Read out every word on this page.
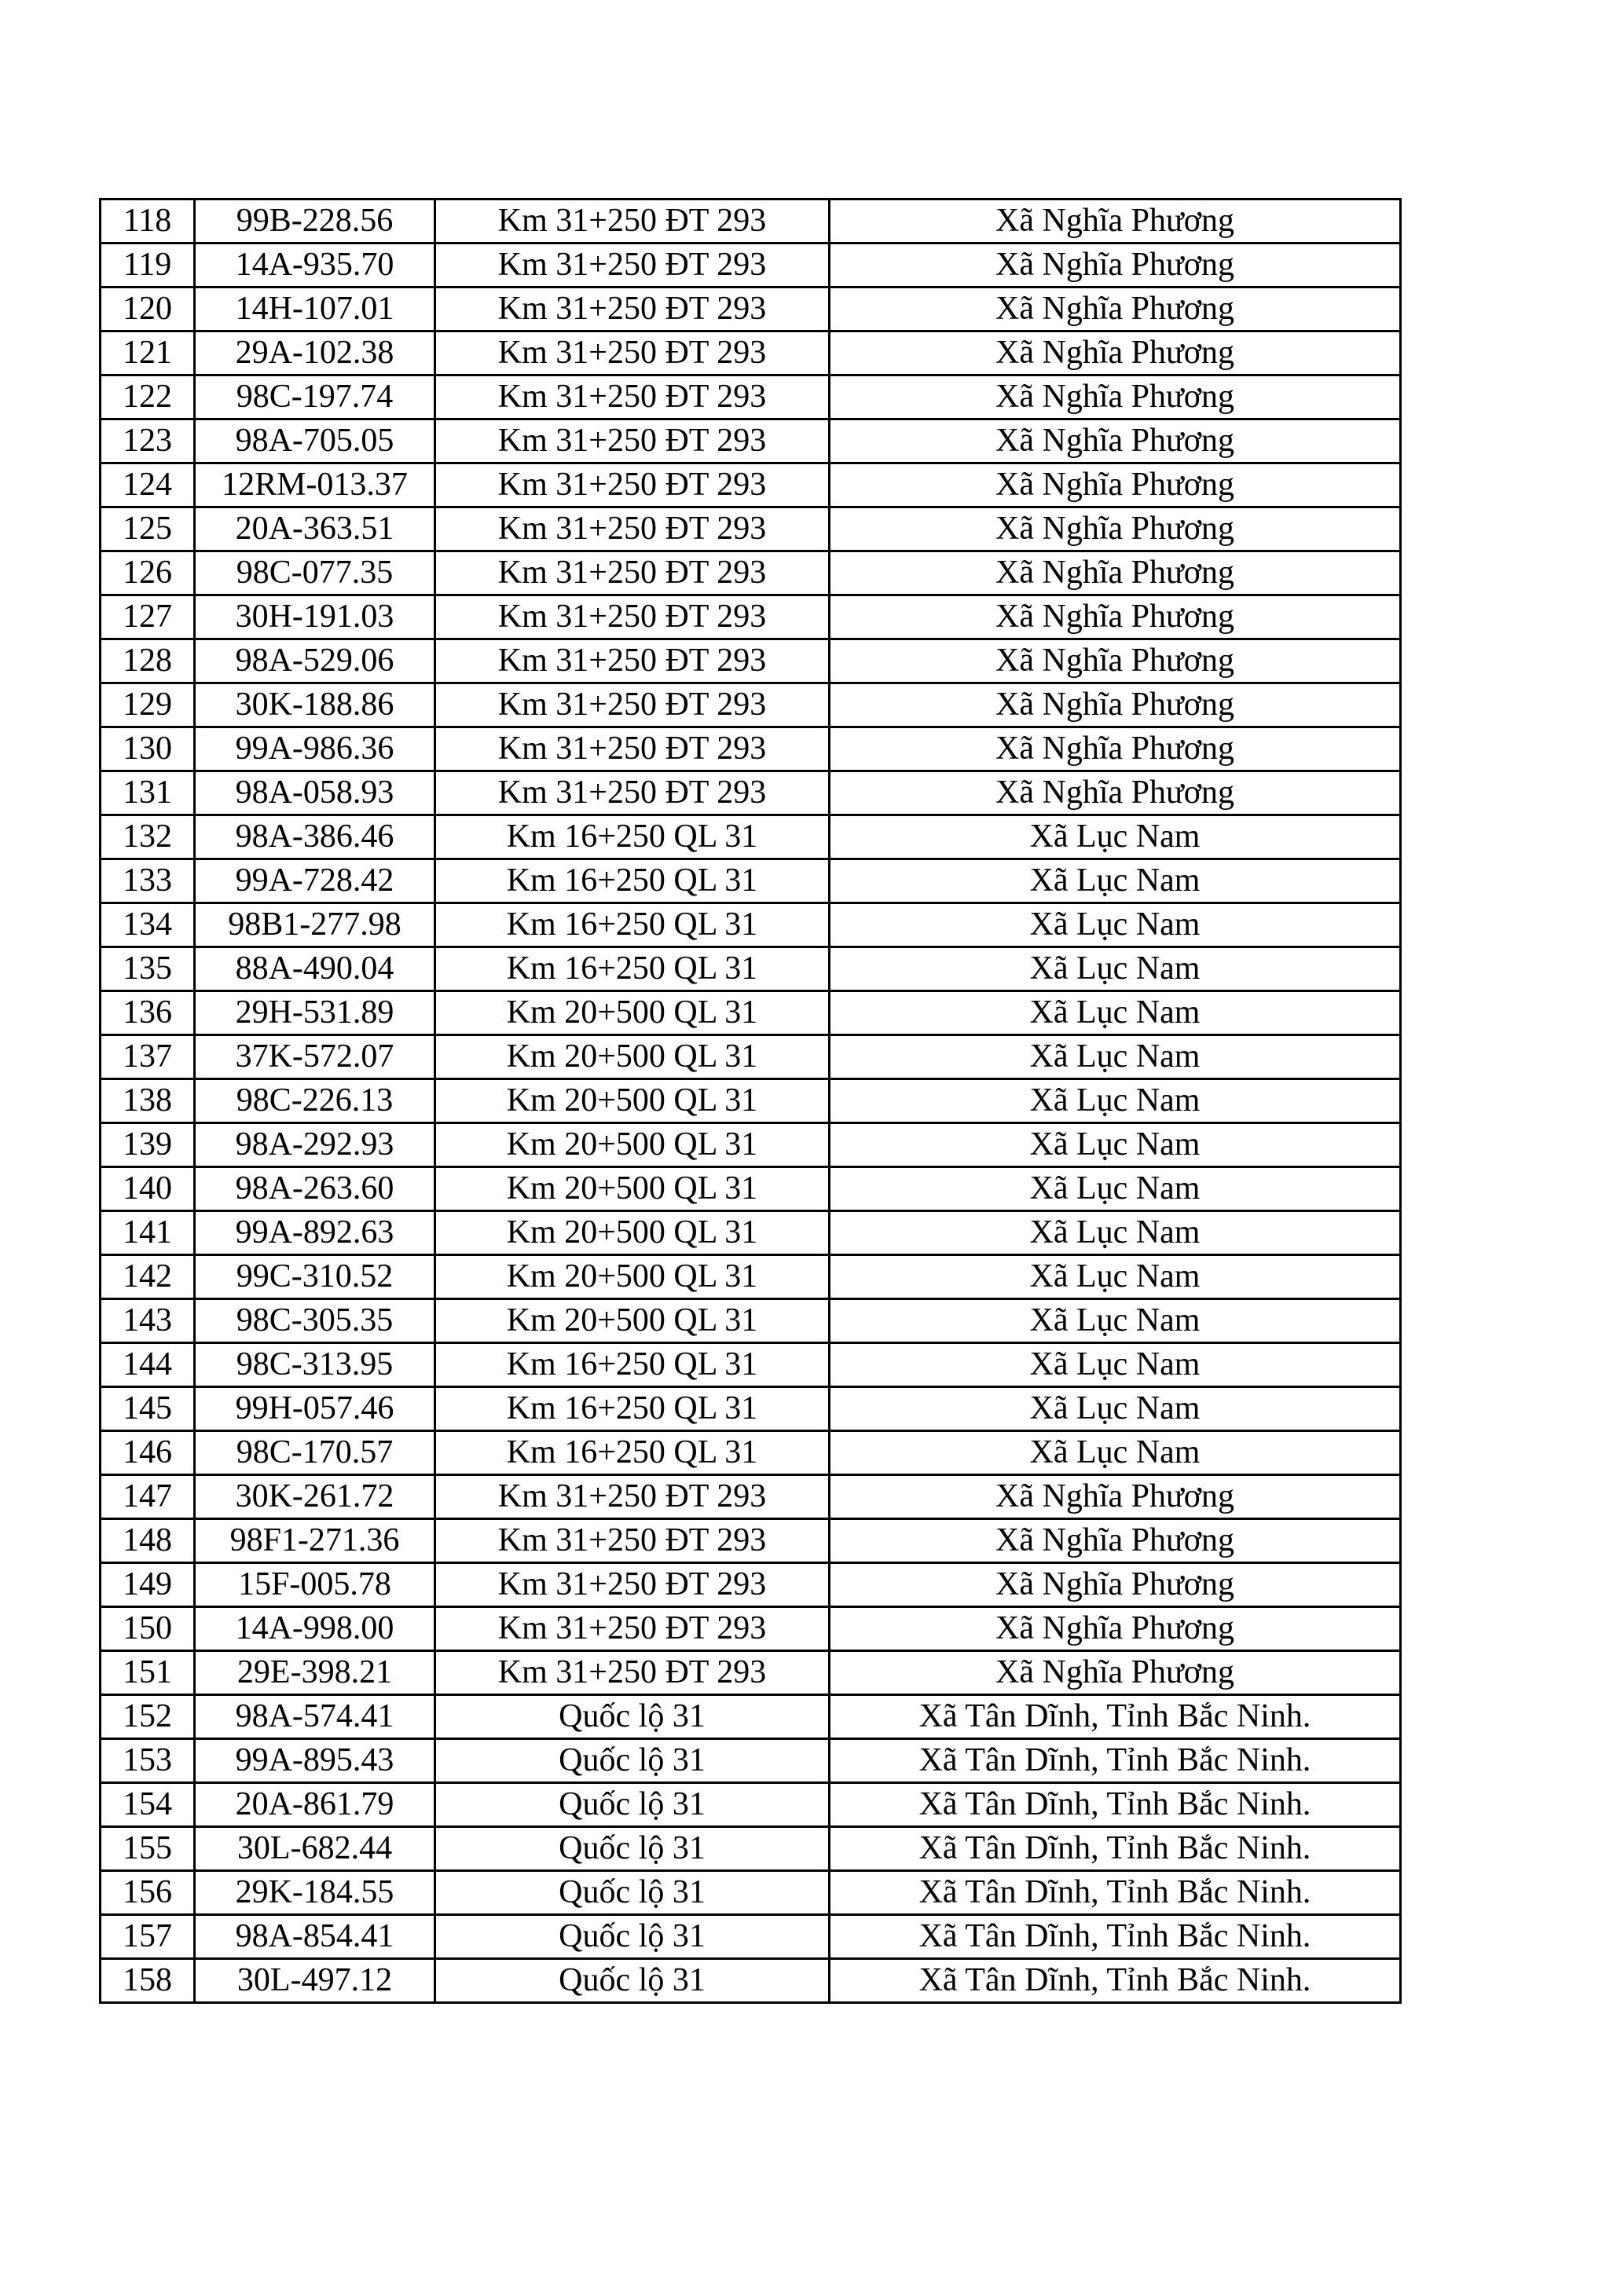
118	99B-228.56	Km 31+250 ĐT 293	Xã Nghĩa Phương
119	14A-935.70	Km 31+250 ĐT 293	Xã Nghĩa Phương
120	14H-107.01	Km 31+250 ĐT 293	Xã Nghĩa Phương
121	29A-102.38	Km 31+250 ĐT 293	Xã Nghĩa Phương
122	98C-197.74	Km 31+250 ĐT 293	Xã Nghĩa Phương
123	98A-705.05	Km 31+250 ĐT 293	Xã Nghĩa Phương
124	12RM-013.37	Km 31+250 ĐT 293	Xã Nghĩa Phương
125	20A-363.51	Km 31+250 ĐT 293	Xã Nghĩa Phương
126	98C-077.35	Km 31+250 ĐT 293	Xã Nghĩa Phương
127	30H-191.03	Km 31+250 ĐT 293	Xã Nghĩa Phương
128	98A-529.06	Km 31+250 ĐT 293	Xã Nghĩa Phương
129	30K-188.86	Km 31+250 ĐT 293	Xã Nghĩa Phương
130	99A-986.36	Km 31+250 ĐT 293	Xã Nghĩa Phương
131	98A-058.93	Km 31+250 ĐT 293	Xã Nghĩa Phương
132	98A-386.46	Km 16+250 QL 31	Xã Lục Nam
133	99A-728.42	Km 16+250 QL 31	Xã Lục Nam
134	98B1-277.98	Km 16+250 QL 31	Xã Lục Nam
135	88A-490.04	Km 16+250 QL 31	Xã Lục Nam
136	29H-531.89	Km 20+500 QL 31	Xã Lục Nam
137	37K-572.07	Km 20+500 QL 31	Xã Lục Nam
138	98C-226.13	Km 20+500 QL 31	Xã Lục Nam
139	98A-292.93	Km 20+500 QL 31	Xã Lục Nam
140	98A-263.60	Km 20+500 QL 31	Xã Lục Nam
141	99A-892.63	Km 20+500 QL 31	Xã Lục Nam
142	99C-310.52	Km 20+500 QL 31	Xã Lục Nam
143	98C-305.35	Km 20+500 QL 31	Xã Lục Nam
144	98C-313.95	Km 16+250 QL 31	Xã Lục Nam
145	99H-057.46	Km 16+250 QL 31	Xã Lục Nam
146	98C-170.57	Km 16+250 QL 31	Xã Lục Nam
147	30K-261.72	Km 31+250 ĐT 293	Xã Nghĩa Phương
148	98F1-271.36	Km 31+250 ĐT 293	Xã Nghĩa Phương
149	15F-005.78	Km 31+250 ĐT 293	Xã Nghĩa Phương
150	14A-998.00	Km 31+250 ĐT 293	Xã Nghĩa Phương
151	29E-398.21	Km 31+250 ĐT 293	Xã Nghĩa Phương
152	98A-574.41	Quốc lộ 31	Xã Tân Dĩnh, Tỉnh Bắc Ninh.
153	99A-895.43	Quốc lộ 31	Xã Tân Dĩnh, Tỉnh Bắc Ninh.
154	20A-861.79	Quốc lộ 31	Xã Tân Dĩnh, Tỉnh Bắc Ninh.
155	30L-682.44	Quốc lộ 31	Xã Tân Dĩnh, Tỉnh Bắc Ninh.
156	29K-184.55	Quốc lộ 31	Xã Tân Dĩnh, Tỉnh Bắc Ninh.
157	98A-854.41	Quốc lộ 31	Xã Tân Dĩnh, Tỉnh Bắc Ninh.
158	30L-497.12	Quốc lộ 31	Xã Tân Dĩnh, Tỉnh Bắc Ninh.
